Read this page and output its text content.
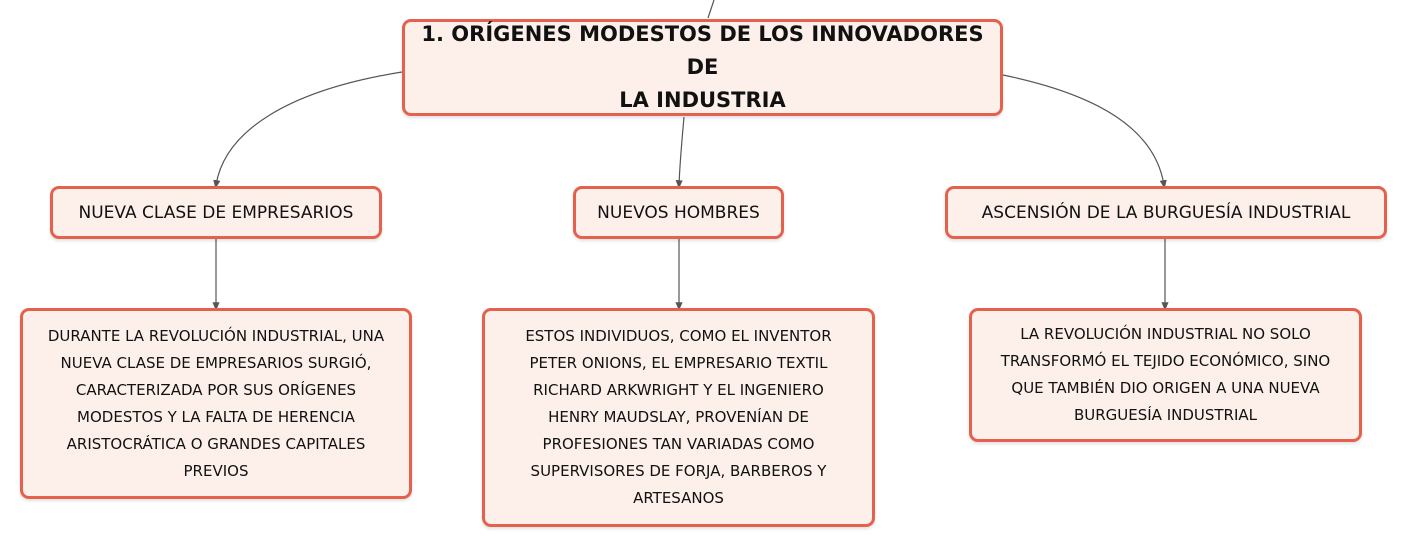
1. ORÍGENES MODESTOS DE LOS INNOVADORES DE
LA INDUSTRIA
NUEVA CLASE DE EMPRESARIOS	NUEVOS HOMBRES	ASCENSIÓN DE LA BURGUESÍA INDUSTRIAL
DURANTE LA REVOLUCIÓN INDUSTRIAL, UNA
NUEVA CLASE DE EMPRESARIOS SURGIÓ,
CARACTERIZADA POR SUS ORÍGENES
MODESTOS Y LA FALTA DE HERENCIA
ARISTOCRÁTICA O GRANDES CAPITALES
PREVIOS
ESTOS INDIVIDUOS, COMO EL INVENTOR
PETER ONIONS, EL EMPRESARIO TEXTIL
RICHARD ARKWRIGHT Y EL INGENIERO
HENRY MAUDSLAY, PROVENÍAN DE
PROFESIONES TAN VARIADAS COMO
SUPERVISORES DE FORJA, BARBEROS Y
ARTESANOS
LA REVOLUCIÓN INDUSTRIAL NO SOLO
TRANSFORMÓ EL TEJIDO ECONÓMICO, SINO
QUE TAMBIÉN DIO ORIGEN A UNA NUEVA
BURGUESÍA INDUSTRIAL
